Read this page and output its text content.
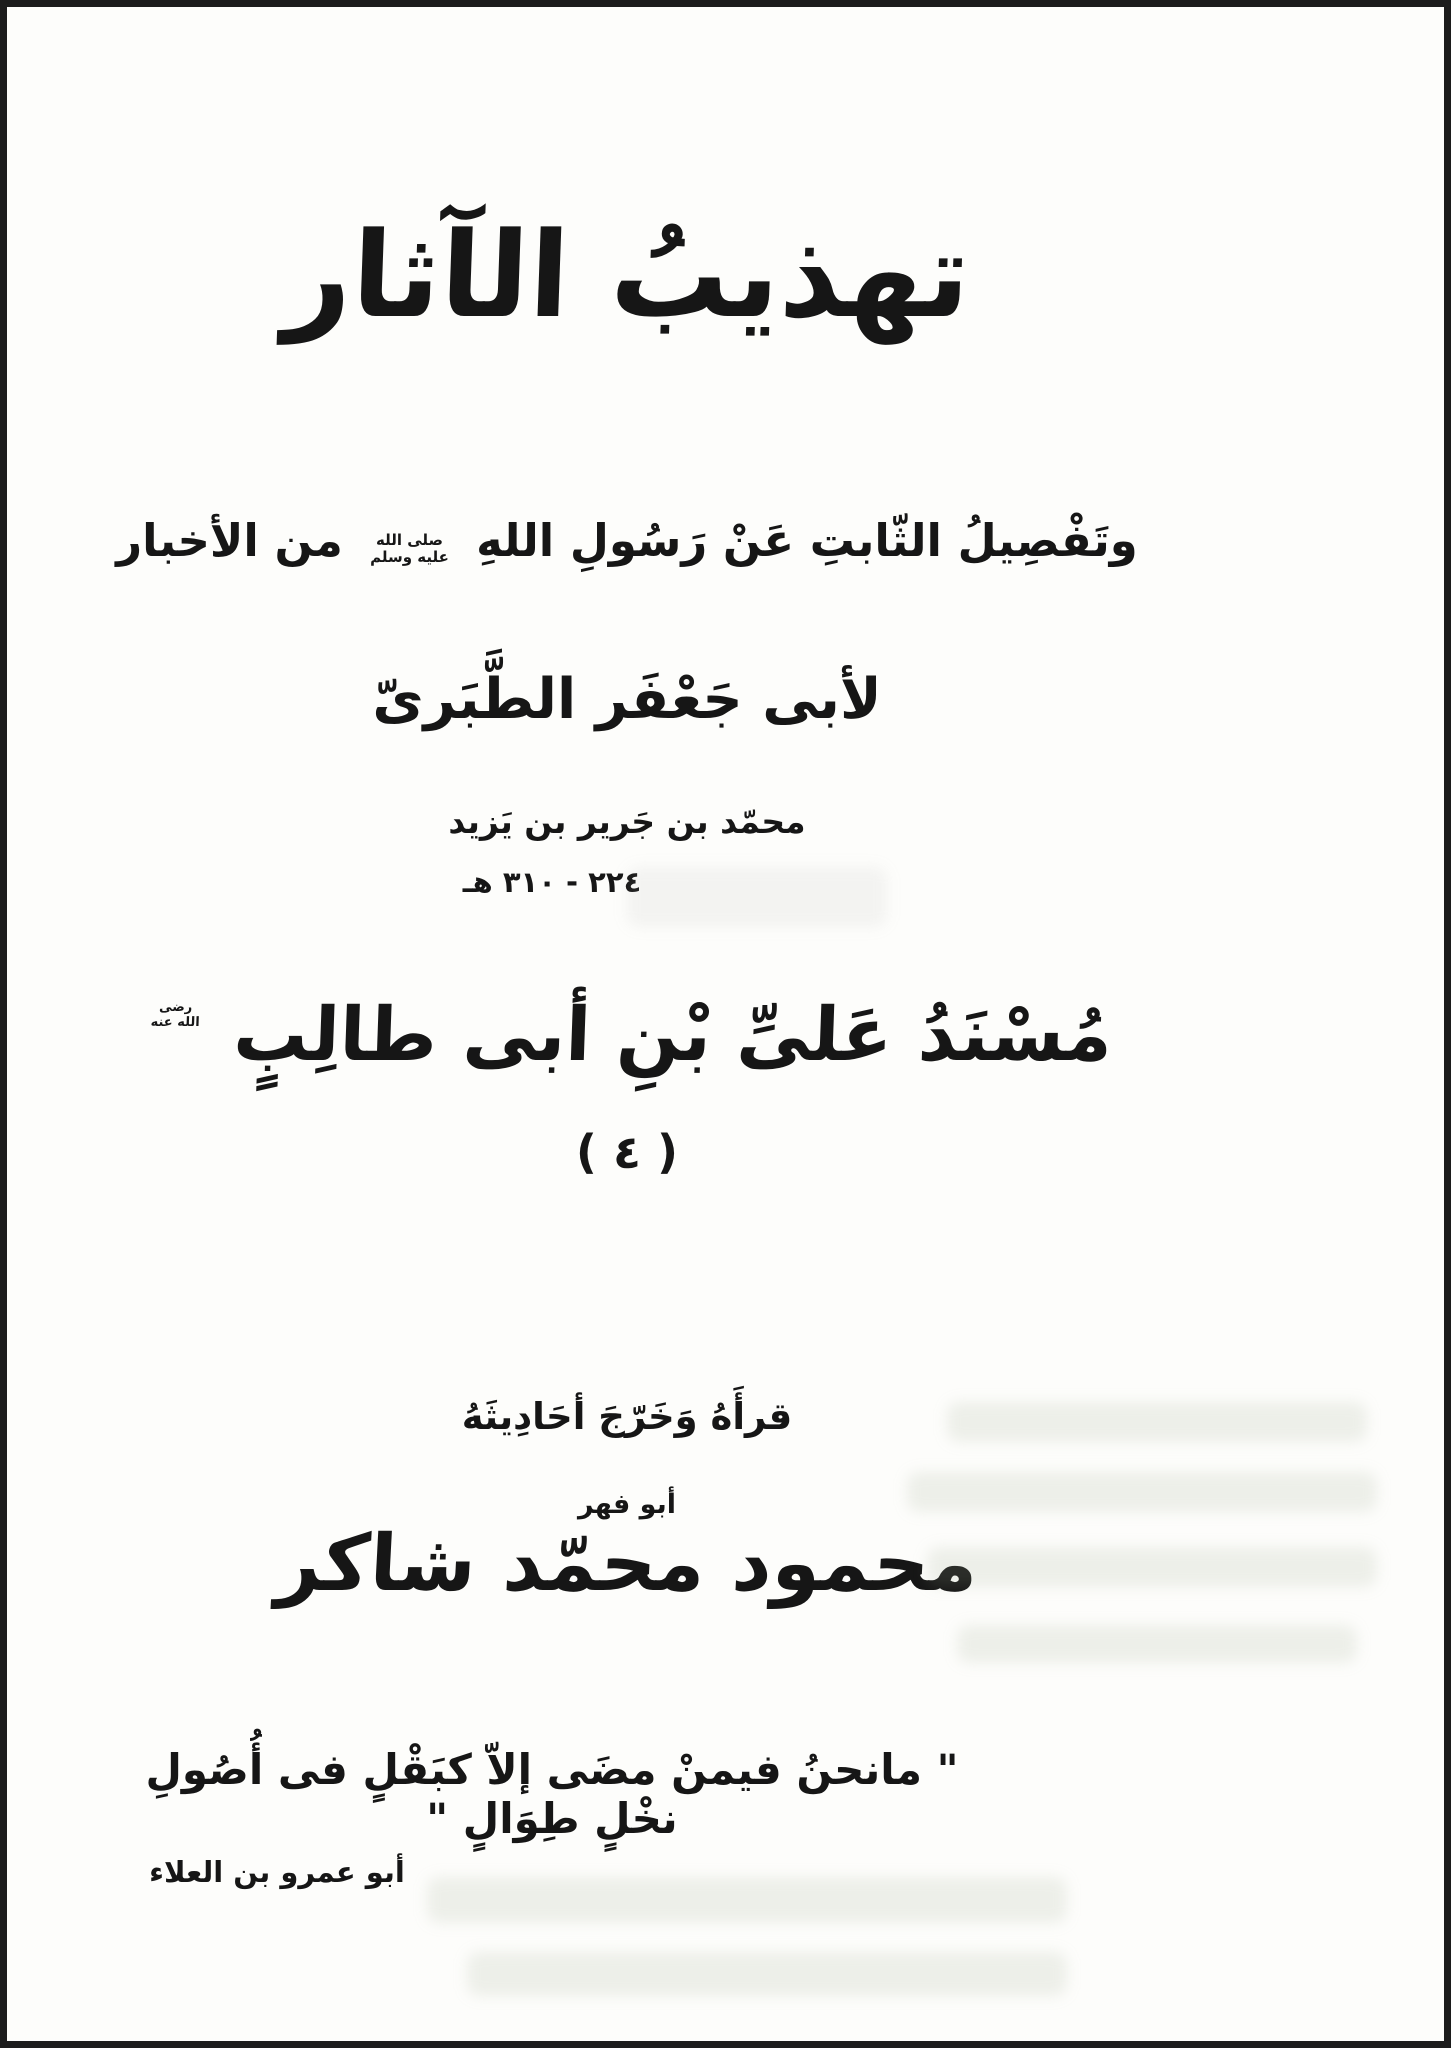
تهذيبُ الآثار
وتَفْصِيلُ الثّابتِ عَنْ رَسُولِ اللهِ صلى الله عليه وسلم من الأخبار
لأبى جَعْفَر الطَّبَرىّ
محمّد بن جَرير بن يَزيد
٢٢٤ - ٣١٠ هـ
مُسْنَدُ عَلىِّ بْنِ أبى طالِبٍ رضى الله عنه
( ٤ )
قرأَهُ وَخَرّجَ أحَادِيثَهُ
أبو فهر
محمود محمّد شاكر
" مانحنُ فيمنْ مضَى إلاّ كبَقْلٍ فى أُصُولِ نخْلٍ طِوَالٍ "
أبو عمرو بن العلاء
